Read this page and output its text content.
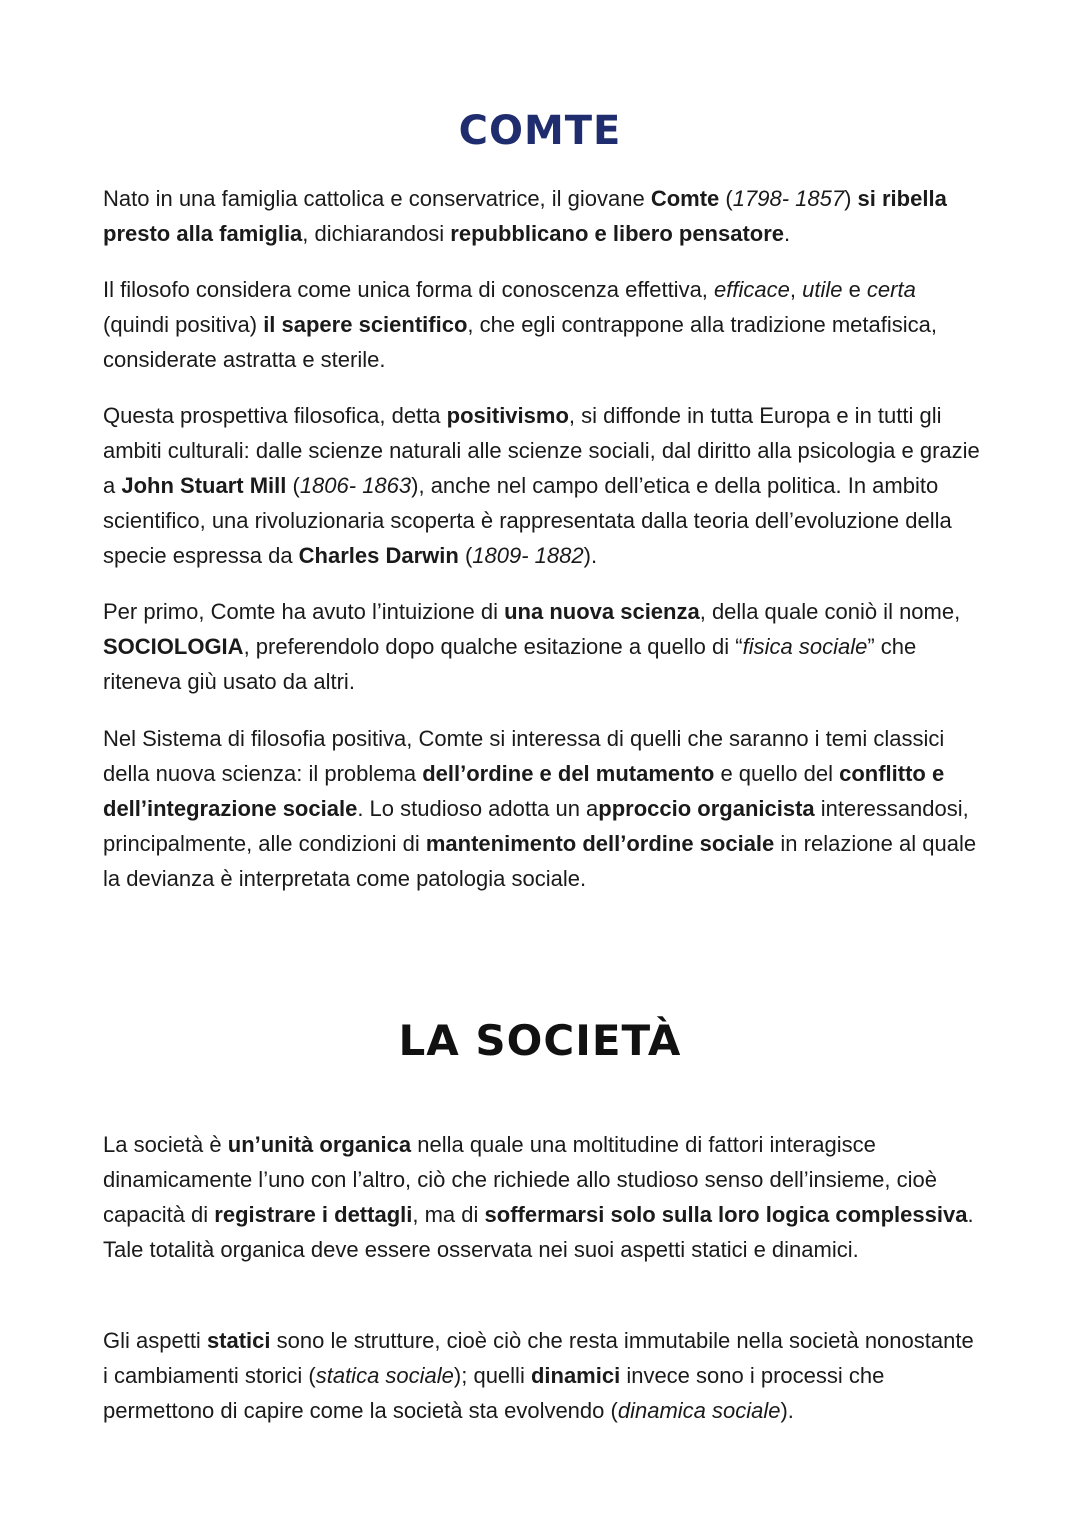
COMTE

Nato in una famiglia cattolica e conservatrice, il giovane Comte (1798- 1857) si ribella presto alla famiglia, dichiarandosi repubblicano e libero pensatore.

Il filosofo considera come unica forma di conoscenza effettiva, efficace, utile e certa (quindi positiva) il sapere scientifico, che egli contrappone alla tradizione metafisica, considerate astratta e sterile.

Questa prospettiva filosofica, detta positivismo, si diffonde in tutta Europa e in tutti gli ambiti culturali: dalle scienze naturali alle scienze sociali, dal diritto alla psicologia e grazie a John Stuart Mill (1806- 1863), anche nel campo dell’etica e della politica. In ambito scientifico, una rivoluzionaria scoperta è rappresentata dalla teoria dell’evoluzione della specie espressa da Charles Darwin (1809- 1882).

Per primo, Comte ha avuto l’intuizione di una nuova scienza, della quale coniò il nome, SOCIOLOGIA, preferendolo dopo qualche esitazione a quello di “fisica sociale” che riteneva giù usato da altri.

Nel Sistema di filosofia positiva, Comte si interessa di quelli che saranno i temi classici della nuova scienza: il problema dell’ordine e del mutamento e quello del conflitto e dell’integrazione sociale. Lo studioso adotta un approccio organicista interessandosi, principalmente, alle condizioni di mantenimento dell’ordine sociale in relazione al quale la devianza è interpretata come patologia sociale.

LA SOCIETÀ

La società è un’unità organica nella quale una moltitudine di fattori interagisce dinamicamente l’uno con l’altro, ciò che richiede allo studioso senso dell’insieme, cioè capacità di registrare i dettagli, ma di soffermarsi solo sulla loro logica complessiva. Tale totalità organica deve essere osservata nei suoi aspetti statici e dinamici.

Gli aspetti statici sono le strutture, cioè ciò che resta immutabile nella società nonostante i cambiamenti storici (statica sociale); quelli dinamici invece sono i processi che permettono di capire come la società sta evolvendo (dinamica sociale).
